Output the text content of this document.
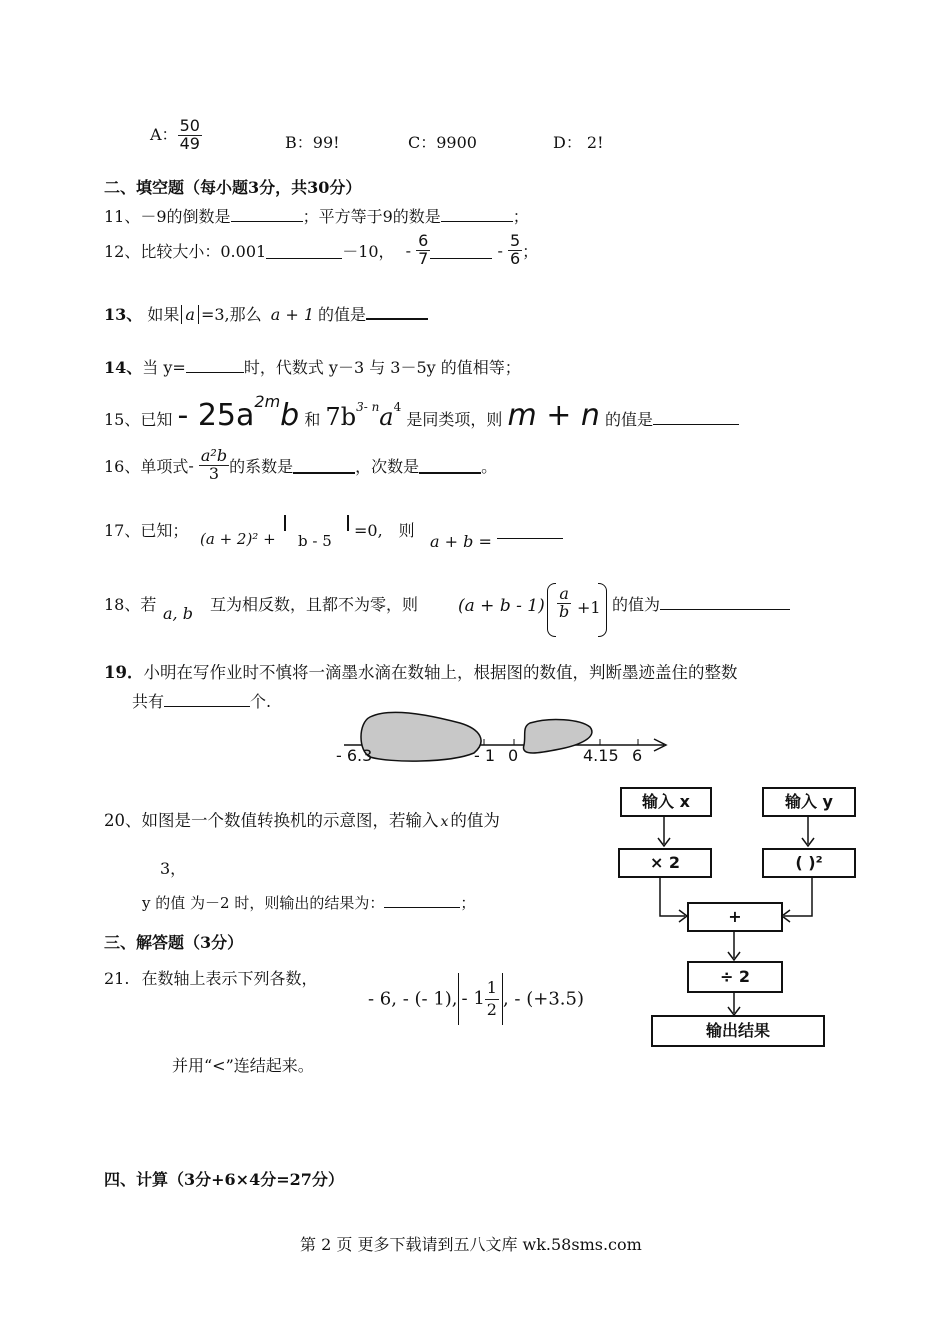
A： $\frac{50}{49}$	B：99!	C：9900	D： 2!
二、填空题（每小题3分，共30分）
11、－9的倒数是	；平方等于9的数是	；
12、比较大小：0.001	－10， - $\frac{6}{7}$	- $\frac{5}{6}$ ；
13、 如果 a =3,那么 a + 1 的值是
14、当 y=	时，代数式 y－3 与 3－5y 的值相等；
15、已知 - $25a^{2m}b$ 和 $7b^{3- n}a^4$ 是同类项，则 m + n 的值是
16、单项式- $\frac{\text{a²b}}{3}$ 的系数是	，次数是	。
17、已知； (a + 2)² + b - 5
=0, 则
a + b =
18、若 a, b 互为相反数，且都不为零，则 $(a + b - 1) \frac{a}{b} +1$ 的值为
19．小明在写作业时不慎将一滴墨水滴在数轴上，根据图的数值，判断墨迹盖住的整数
共有	个.
- 6.3	- 1 0	4.15 6
20、如图是一个数值转换机的示意图，若输入 x 的值为
3，
y 的值 为－2 时，则输出的结果为：	；
输入 x	输入 y
× 2	( )²
+
÷ 2
输出结果
三、解答题（3分）
21. 在数轴上表示下列各数，
- 6, - (- 1), - $1 \frac{1}{2}$ , - (+3.5)
并用“<”连结起来。
四、计算（3分+6×4分=27分）
第 2 页 更多下载请到五八文库 wk.58sms.com
